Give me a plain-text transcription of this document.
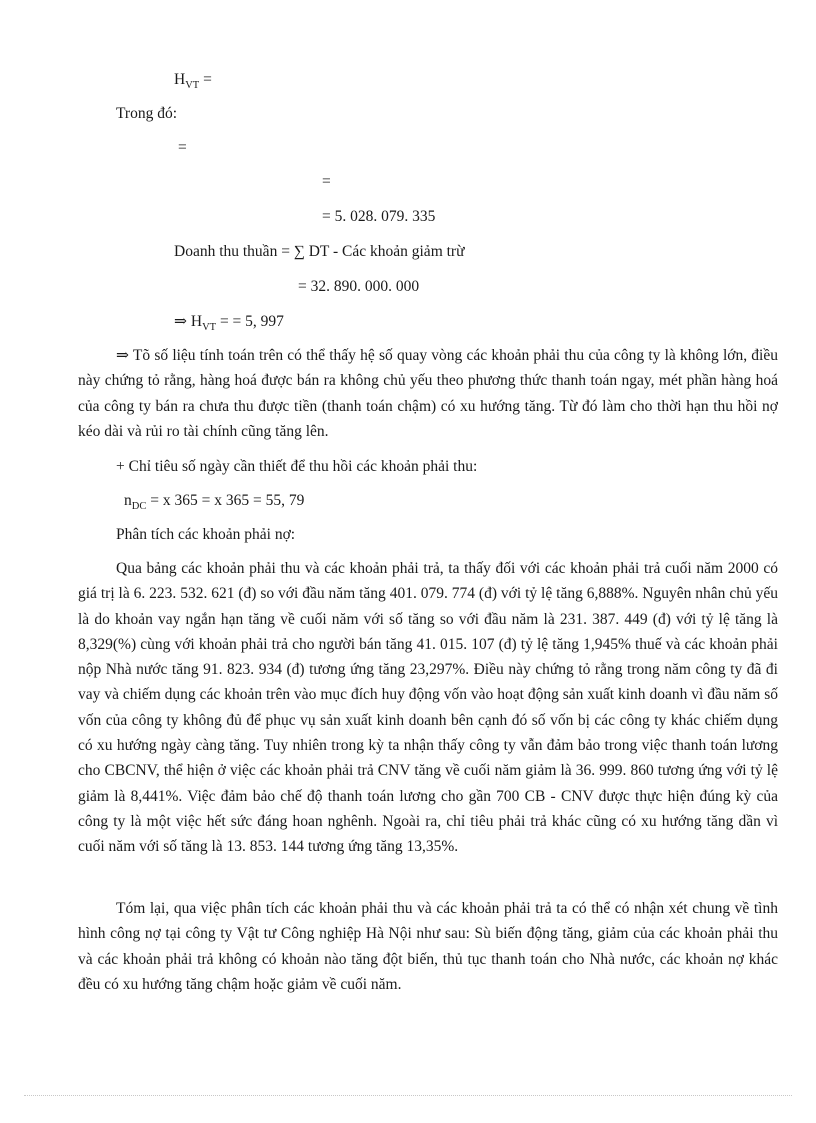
$H_{VT}$ =
Trong đó:
=
=
= 5. 028. 079. 335
Doanh thu thuần = ∑ DT - Các khoản giảm trừ
= 32. 890. 000. 000
⇒ $H_{VT}$ = = 5, 997

⇒ Tõ số liệu tính toán trên có thể thấy hệ số quay vòng các khoản phải thu của công ty là không lớn, điều này chứng tỏ rằng, hàng hoá được bán ra không chủ yếu theo phương thức thanh toán ngay, mét phần hàng hoá của công ty bán ra chưa thu được tiền (thanh toán chậm) có xu hướng tăng. Từ đó làm cho thời hạn thu hồi nợ kéo dài và rủi ro tài chính cũng tăng lên.

+ Chỉ tiêu số ngày cần thiết để thu hồi các khoản phải thu:
$n_{DC} = x$ 365 = x 365 = 55, 79
Phân tích các khoản phải nợ:

Qua bảng các khoản phải thu và các khoản phải trả, ta thấy đối với các khoản phải trả cuối năm 2000 có giá trị là 6. 223. 532. 621 (đ) so với đầu năm tăng 401. 079. 774 (đ) với tỷ lệ tăng 6,888%. Nguyên nhân chủ yếu là do khoản vay ngắn hạn tăng về cuối năm với số tăng so với đầu năm là 231. 387. 449 (đ) với tỷ lệ tăng là 8,329(%) cùng với khoản phải trả cho người bán tăng 41. 015. 107 (đ) tỷ lệ tăng 1,945% thuế và các khoản phải nộp Nhà nước tăng 91. 823. 934 (đ) tương ứng tăng 23,297%. Điều này chứng tỏ rằng trong năm công ty đã đi vay và chiếm dụng các khoản trên vào mục đích huy động vốn vào hoạt động sản xuất kinh doanh vì đầu năm số vốn của công ty không đủ để phục vụ sản xuất kinh doanh bên cạnh đó số vốn bị các công ty khác chiếm dụng có xu hướng ngày càng tăng. Tuy nhiên trong kỳ ta nhận thấy công ty vẫn đảm bảo trong việc thanh toán lương cho CBCNV, thể hiện ở việc các khoản phải trả CNV tăng về cuối năm giảm là 36. 999. 860 tương ứng với tỷ lệ giảm là 8,441%. Việc đảm bảo chế độ thanh toán lương cho gần 700 CB - CNV được thực hiện đúng kỳ của công ty là một việc hết sức đáng hoan nghênh. Ngoài ra, chỉ tiêu phải trả khác cũng có xu hướng tăng dần vì cuối năm với số tăng là 13. 853. 144 tương ứng tăng 13,35%.

Tóm lại, qua việc phân tích các khoản phải thu và các khoản phải trả ta có thể có nhận xét chung về tình hình công nợ tại công ty Vật tư Công nghiệp Hà Nội như sau: Sù biến động tăng, giảm của các khoản phải thu và các khoản phải trả không có khoản nào tăng đột biến, thủ tục thanh toán cho Nhà nước, các khoản nợ khác đều có xu hướng tăng chậm hoặc giảm về cuối năm.
